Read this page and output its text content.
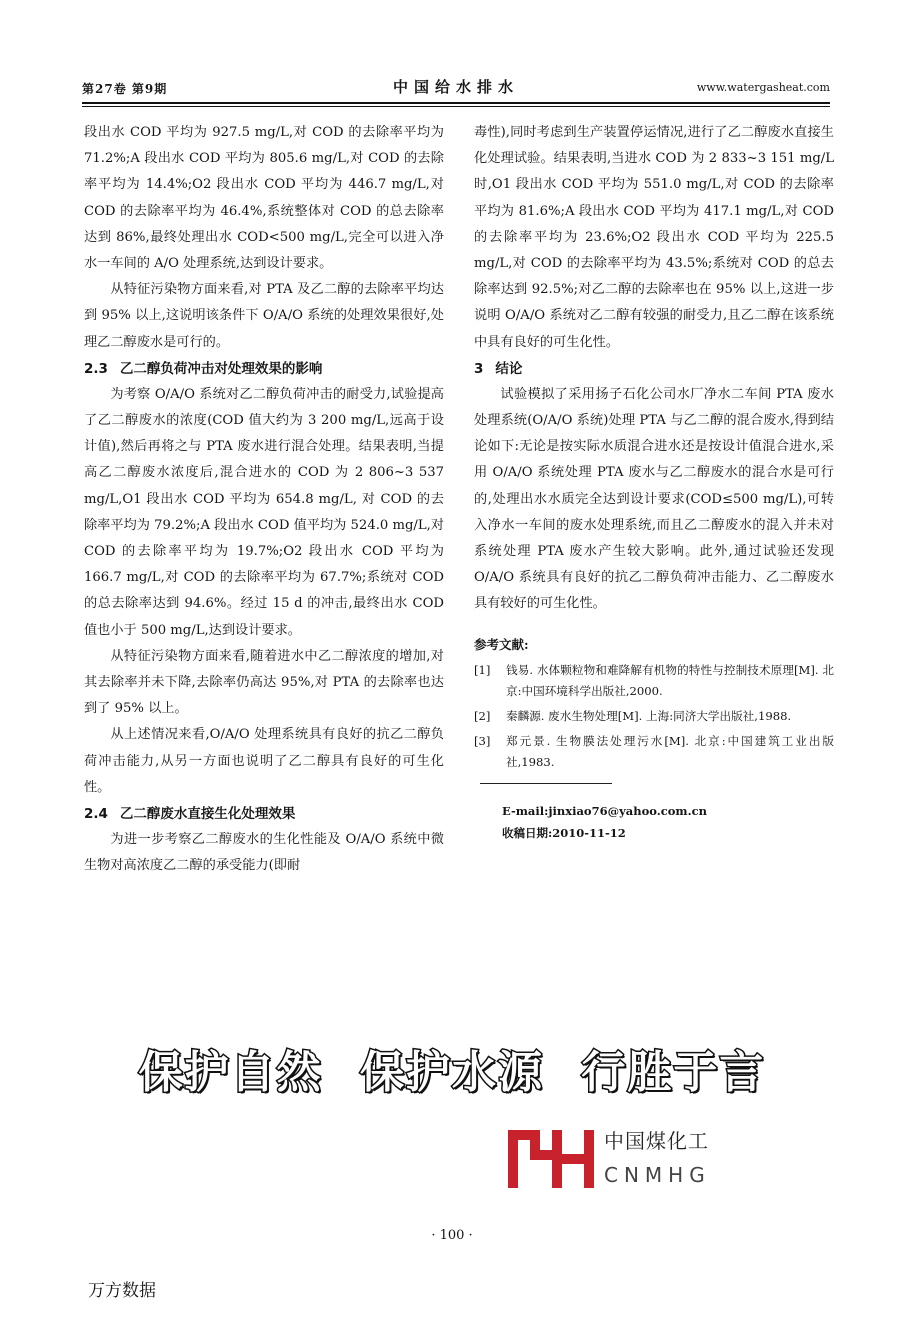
第27卷 第9期	中国给水排水	www.watergasheat.com

段出水 COD 平均为 927.5 mg/L,对 COD 的去除率平均为 71.2%;A 段出水 COD 平均为 805.6 mg/L,对 COD 的去除率平均为 14.4%;O2 段出水 COD 平均为 446.7 mg/L,对 COD 的去除率平均为 46.4%,系统整体对 COD 的总去除率达到 86%,最终处理出水 COD<500 mg/L,完全可以进入净水一车间的 A/O 处理系统,达到设计要求。

从特征污染物方面来看,对 PTA 及乙二醇的去除率平均达到 95% 以上,这说明该条件下 O/A/O 系统的处理效果很好,处理乙二醇废水是可行的。

2.3 乙二醇负荷冲击对处理效果的影响

为考察 O/A/O 系统对乙二醇负荷冲击的耐受力,试验提高了乙二醇废水的浓度(COD 值大约为 3 200 mg/L,远高于设计值),然后再将之与 PTA 废水进行混合处理。结果表明,当提高乙二醇废水浓度后,混合进水的 COD 为 2 806~3 537 mg/L,O1 段出水 COD 平均为 654.8 mg/L, 对 COD 的去除率平均为 79.2%;A 段出水 COD 值平均为 524.0 mg/L,对 COD 的去除率平均为 19.7%;O2 段出水 COD 平均为 166.7 mg/L,对 COD 的去除率平均为 67.7%;系统对 COD 的总去除率达到 94.6%。经过 15 d 的冲击,最终出水 COD 值也小于 500 mg/L,达到设计要求。

从特征污染物方面来看,随着进水中乙二醇浓度的增加,对其去除率并未下降,去除率仍高达 95%,对 PTA 的去除率也达到了 95% 以上。

从上述情况来看,O/A/O 处理系统具有良好的抗乙二醇负荷冲击能力,从另一方面也说明了乙二醇具有良好的可生化性。

2.4 乙二醇废水直接生化处理效果

为进一步考察乙二醇废水的生化性能及 O/A/O 系统中微生物对高浓度乙二醇的承受能力(即耐

毒性),同时考虑到生产装置停运情况,进行了乙二醇废水直接生化处理试验。结果表明,当进水 COD 为 2 833~3 151 mg/L 时,O1 段出水 COD 平均为 551.0 mg/L,对 COD 的去除率平均为 81.6%;A 段出水 COD 平均为 417.1 mg/L,对 COD 的去除率平均为 23.6%;O2 段出水 COD 平均为 225.5 mg/L,对 COD 的去除率平均为 43.5%;系统对 COD 的总去除率达到 92.5%;对乙二醇的去除率也在 95% 以上,这进一步说明 O/A/O 系统对乙二醇有较强的耐受力,且乙二醇在该系统中具有良好的可生化性。

3 结论

试验模拟了采用扬子石化公司水厂净水二车间 PTA 废水处理系统(O/A/O 系统)处理 PTA 与乙二醇的混合废水,得到结论如下:无论是按实际水质混合进水还是按设计值混合进水,采用 O/A/O 系统处理 PTA 废水与乙二醇废水的混合水是可行的,处理出水水质完全达到设计要求(COD≤500 mg/L),可转入净水一车间的废水处理系统,而且乙二醇废水的混入并未对系统处理 PTA 废水产生较大影响。此外,通过试验还发现 O/A/O 系统具有良好的抗乙二醇负荷冲击能力、乙二醇废水具有较好的可生化性。

参考文献:
[1]	钱易. 水体颗粒物和难降解有机物的特性与控制技术原理[M]. 北京:中国环境科学出版社,2000.
[2]	秦麟源. 废水生物处理[M]. 上海:同济大学出版社,1988.
[3]	郑元景. 生物膜法处理污水[M]. 北京:中国建筑工业出版社,1983.
E-mail:jinxiao76@yahoo.com.cn
收稿日期:2010-11-12
保护自然 保护水源 行胜于言
中国煤化工
CNMHG
· 100 ·
万方数据
